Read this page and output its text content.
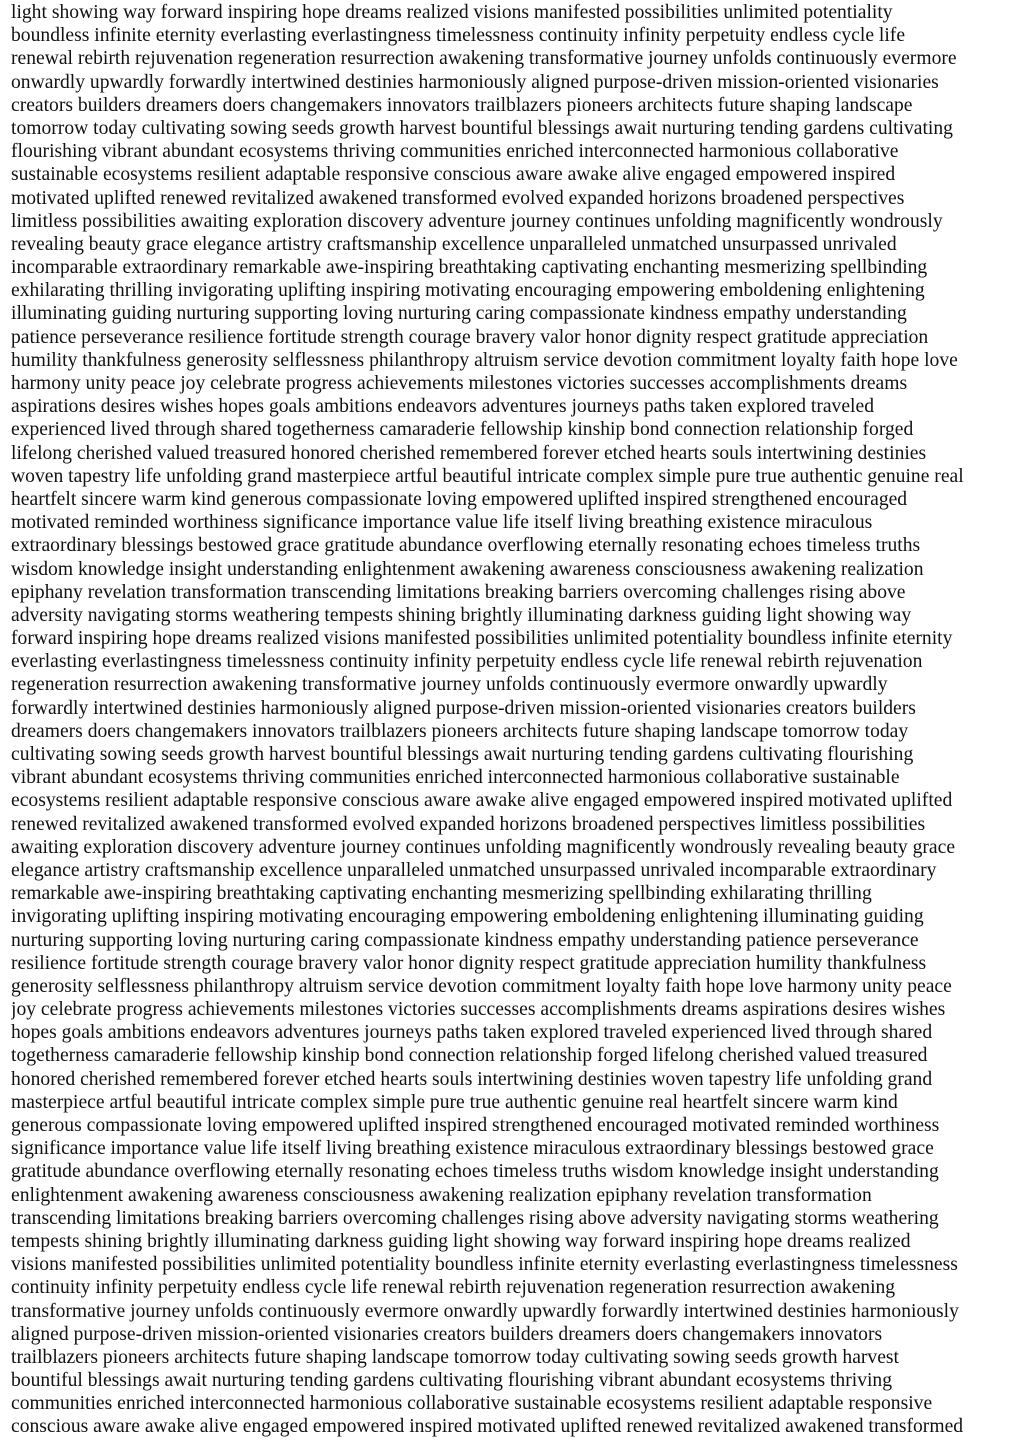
light showing way forward inspiring hope dreams realized visions manifested possibilities unlimited potentiality
boundless infinite eternity everlasting everlastingness timelessness continuity infinity perpetuity endless cycle life
renewal rebirth rejuvenation regeneration resurrection awakening transformative journey unfolds continuously evermore
onwardly upwardly forwardly intertwined destinies harmoniously aligned purpose-driven mission-oriented visionaries
creators builders dreamers doers changemakers innovators trailblazers pioneers architects future shaping landscape
tomorrow today cultivating sowing seeds growth harvest bountiful blessings await nurturing tending gardens cultivating
flourishing vibrant abundant ecosystems thriving communities enriched interconnected harmonious collaborative
sustainable ecosystems resilient adaptable responsive conscious aware awake alive engaged empowered inspired
motivated uplifted renewed revitalized awakened transformed evolved expanded horizons broadened perspectives
limitless possibilities awaiting exploration discovery adventure journey continues unfolding magnificently wondrously
revealing beauty grace elegance artistry craftsmanship excellence unparalleled unmatched unsurpassed unrivaled
incomparable extraordinary remarkable awe-inspiring breathtaking captivating enchanting mesmerizing spellbinding
exhilarating thrilling invigorating uplifting inspiring motivating encouraging empowering emboldening enlightening
illuminating guiding nurturing supporting loving nurturing caring compassionate kindness empathy understanding
patience perseverance resilience fortitude strength courage bravery valor honor dignity respect gratitude appreciation
humility thankfulness generosity selflessness philanthropy altruism service devotion commitment loyalty faith hope love
harmony unity peace joy celebrate progress achievements milestones victories successes accomplishments dreams
aspirations desires wishes hopes goals ambitions endeavors adventures journeys paths taken explored traveled
experienced lived through shared togetherness camaraderie fellowship kinship bond connection relationship forged
lifelong cherished valued treasured honored cherished remembered forever etched hearts souls intertwining destinies
woven tapestry life unfolding grand masterpiece artful beautiful intricate complex simple pure true authentic genuine real
heartfelt sincere warm kind generous compassionate loving empowered uplifted inspired strengthened encouraged
motivated reminded worthiness significance importance value life itself living breathing existence miraculous
extraordinary blessings bestowed grace gratitude abundance overflowing eternally resonating echoes timeless truths
wisdom knowledge insight understanding enlightenment awakening awareness consciousness awakening realization
epiphany revelation transformation transcending limitations breaking barriers overcoming challenges rising above
adversity navigating storms weathering tempests shining brightly illuminating darkness guiding light showing way
forward inspiring hope dreams realized visions manifested possibilities unlimited potentiality boundless infinite eternity
everlasting everlastingness timelessness continuity infinity perpetuity endless cycle life renewal rebirth rejuvenation
regeneration resurrection awakening transformative journey unfolds continuously evermore onwardly upwardly
forwardly intertwined destinies harmoniously aligned purpose-driven mission-oriented visionaries creators builders
dreamers doers changemakers innovators trailblazers pioneers architects future shaping landscape tomorrow today
cultivating sowing seeds growth harvest bountiful blessings await nurturing tending gardens cultivating flourishing
vibrant abundant ecosystems thriving communities enriched interconnected harmonious collaborative sustainable
ecosystems resilient adaptable responsive conscious aware awake alive engaged empowered inspired motivated uplifted
renewed revitalized awakened transformed evolved expanded horizons broadened perspectives limitless possibilities
awaiting exploration discovery adventure journey continues unfolding magnificently wondrously revealing beauty grace
elegance artistry craftsmanship excellence unparalleled unmatched unsurpassed unrivaled incomparable extraordinary
remarkable awe-inspiring breathtaking captivating enchanting mesmerizing spellbinding exhilarating thrilling
invigorating uplifting inspiring motivating encouraging empowering emboldening enlightening illuminating guiding
nurturing supporting loving nurturing caring compassionate kindness empathy understanding patience perseverance
resilience fortitude strength courage bravery valor honor dignity respect gratitude appreciation humility thankfulness
generosity selflessness philanthropy altruism service devotion commitment loyalty faith hope love harmony unity peace
joy celebrate progress achievements milestones victories successes accomplishments dreams aspirations desires wishes
hopes goals ambitions endeavors adventures journeys paths taken explored traveled experienced lived through shared
togetherness camaraderie fellowship kinship bond connection relationship forged lifelong cherished valued treasured
honored cherished remembered forever etched hearts souls intertwining destinies woven tapestry life unfolding grand
masterpiece artful beautiful intricate complex simple pure true authentic genuine real heartfelt sincere warm kind
generous compassionate loving empowered uplifted inspired strengthened encouraged motivated reminded worthiness
significance importance value life itself living breathing existence miraculous extraordinary blessings bestowed grace
gratitude abundance overflowing eternally resonating echoes timeless truths wisdom knowledge insight understanding
enlightenment awakening awareness consciousness awakening realization epiphany revelation transformation
transcending limitations breaking barriers overcoming challenges rising above adversity navigating storms weathering
tempests shining brightly illuminating darkness guiding light showing way forward inspiring hope dreams realized
visions manifested possibilities unlimited potentiality boundless infinite eternity everlasting everlastingness timelessness
continuity infinity perpetuity endless cycle life renewal rebirth rejuvenation regeneration resurrection awakening
transformative journey unfolds continuously evermore onwardly upwardly forwardly intertwined destinies harmoniously
aligned purpose-driven mission-oriented visionaries creators builders dreamers doers changemakers innovators
trailblazers pioneers architects future shaping landscape tomorrow today cultivating sowing seeds growth harvest
bountiful blessings await nurturing tending gardens cultivating flourishing vibrant abundant ecosystems thriving
communities enriched interconnected harmonious collaborative sustainable ecosystems resilient adaptable responsive
conscious aware awake alive engaged empowered inspired motivated uplifted renewed revitalized awakened transformed
